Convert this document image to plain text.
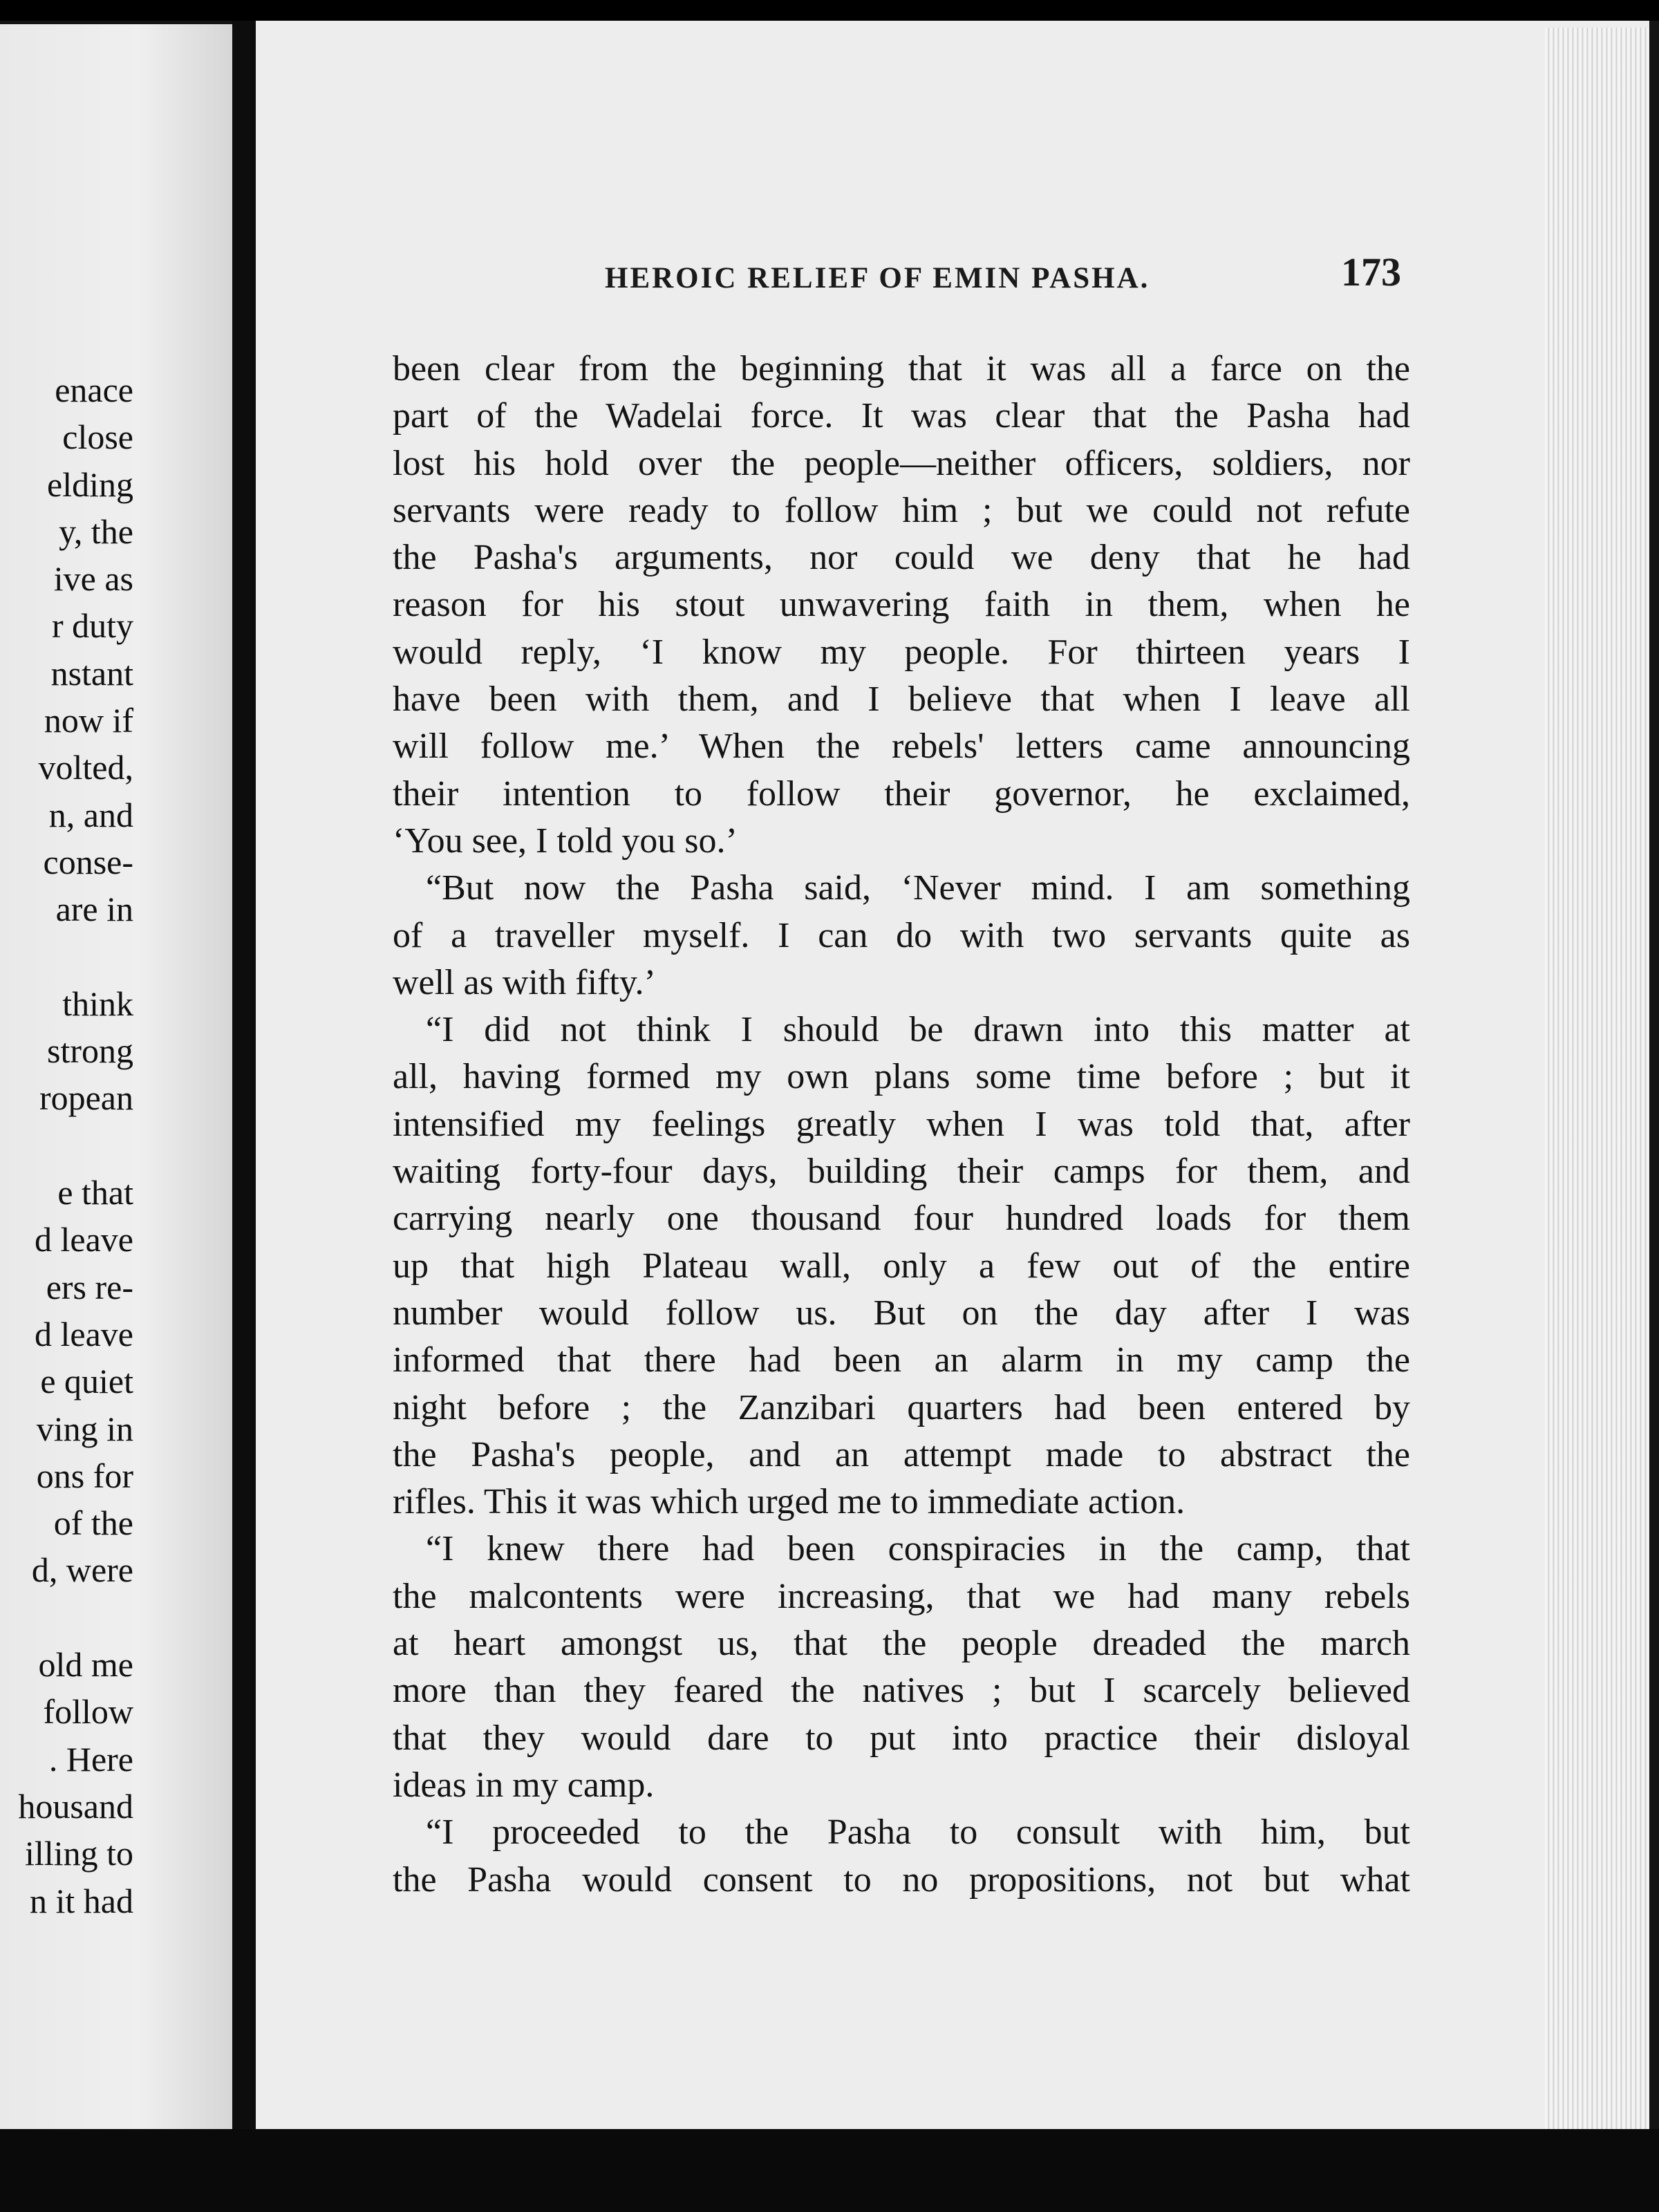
enace
close
elding
y, the
ive as
r duty
nstant
now if
volted,
n, and
conse-
are in
think
strong
ropean
e that
d leave
ers re-
d leave
e quiet
ving in
ons for
of the
d, were
old me
follow
. Here
housand
illing to
n it had
HEROIC RELIEF OF EMIN PASHA.	173
been clear from the beginning that it was all a farce on the
part of the Wadelai force. It was clear that the Pasha had
lost his hold over the people—neither officers, soldiers, nor
servants were ready to follow him ; but we could not refute
the Pasha's arguments, nor could we deny that he had
reason for his stout unwavering faith in them, when he
would reply, ‘I know my people. For thirteen years I
have been with them, and I believe that when I leave all
will follow me.’ When the rebels' letters came announcing
their intention to follow their governor, he exclaimed,
‘You see, I told you so.’
“But now the Pasha said, ‘Never mind. I am something
of a traveller myself. I can do with two servants quite as
well as with fifty.’
“I did not think I should be drawn into this matter at
all, having formed my own plans some time before ; but it
intensified my feelings greatly when I was told that, after
waiting forty-four days, building their camps for them, and
carrying nearly one thousand four hundred loads for them
up that high Plateau wall, only a few out of the entire
number would follow us. But on the day after I was
informed that there had been an alarm in my camp the
night before ; the Zanzibari quarters had been entered by
the Pasha's people, and an attempt made to abstract the
rifles. This it was which urged me to immediate action.
“I knew there had been conspiracies in the camp, that
the malcontents were increasing, that we had many rebels
at heart amongst us, that the people dreaded the march
more than they feared the natives ; but I scarcely believed
that they would dare to put into practice their disloyal
ideas in my camp.
“I proceeded to the Pasha to consult with him, but
the Pasha would consent to no propositions, not but what
